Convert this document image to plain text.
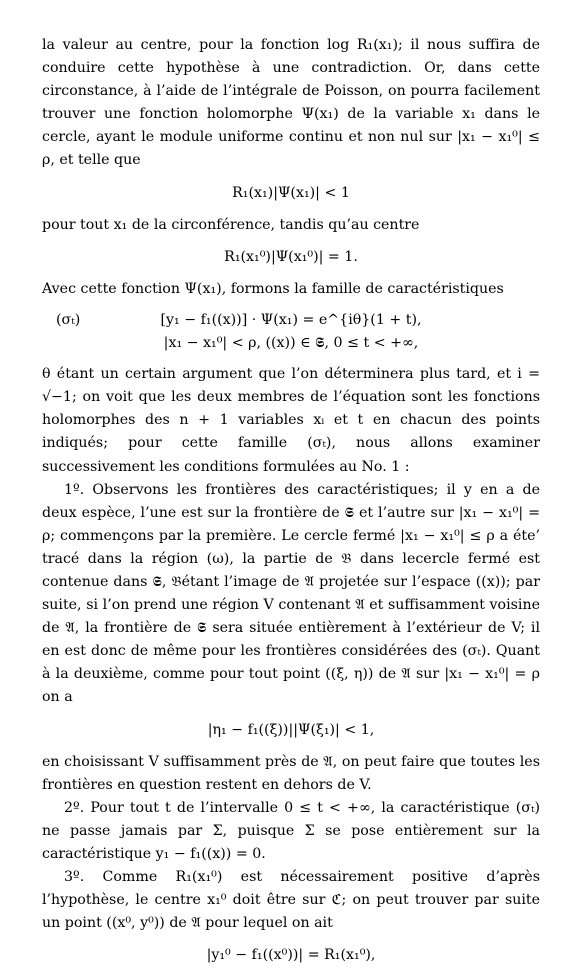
la valeur au centre, pour la fonction log R₁(x₁); il nous suffira de conduire cette hypothèse à une contradiction. Or, dans cette circonstance, à l’aide de l’intégrale de Poisson, on pourra facilement trouver une fonction holomorphe Ψ(x₁) de la variable x₁ dans le cercle, ayant le module uniforme continu et non nul sur |x₁ − x₁⁰| ≤ ρ, et telle que

R₁(x₁)|Ψ(x₁)| < 1

pour tout x₁ de la circonférence, tandis qu’au centre

R₁(x₁⁰)|Ψ(x₁⁰)| = 1.

Avec cette fonction Ψ(x₁), formons la famille de caractéristiques

(σₜ)	[y₁ − f₁((x))] · Ψ(x₁) = e^{iθ}(1 + t),
|x₁ − x₁⁰| < ρ, ((x)) ∈ 𝕾, 0 ≤ t < +∞,

θ étant un certain argument que l’on déterminera plus tard, et i = √−1; on voit que les deux membres de l’équation sont les fonctions holomorphes des n + 1 variables xᵢ et t en chacun des points indiqués; pour cette famille (σₜ), nous allons examiner successivement les conditions formulées au No. 1 :

1º. Observons les frontières des caractéristiques; il y en a de deux espèce, l’une est sur la frontière de 𝕾 et l’autre sur |x₁ − x₁⁰| = ρ; commençons par la première. Le cercle fermé |x₁ − x₁⁰| ≤ ρ a éte’ tracé dans la région (ω), la partie de 𝔅 dans lecercle fermé est contenue dans 𝕾, 𝔅étant l’image de 𝔄 projetée sur l’espace ((x)); par suite, si l’on prend une région V contenant 𝔄 et suffisamment voisine de 𝔄, la frontière de 𝕾 sera située entièrement à l’extérieur de V; il en est donc de même pour les frontières considérées des (σₜ). Quant à la deuxième, comme pour tout point ((ξ, η)) de 𝔄 sur |x₁ − x₁⁰| = ρ on a

|η₁ − f₁((ξ))||Ψ(ξ₁)| < 1,

en choisissant V suffisamment près de 𝔄, on peut faire que toutes les frontières en question restent en dehors de V.

2º. Pour tout t de l’intervalle 0 ≤ t < +∞, la caractéristique (σₜ) ne passe jamais par Σ, puisque Σ se pose entièrement sur la caractéristique y₁ − f₁((x)) = 0.

3º. Comme R₁(x₁⁰) est nécessairement positive d’après l’hypothèse, le centre x₁⁰ doit être sur ℭ; on peut trouver par suite un point ((x⁰, y⁰)) de 𝔄 pour lequel on ait

|y₁⁰ − f₁((x⁰))| = R₁(x₁⁰),
